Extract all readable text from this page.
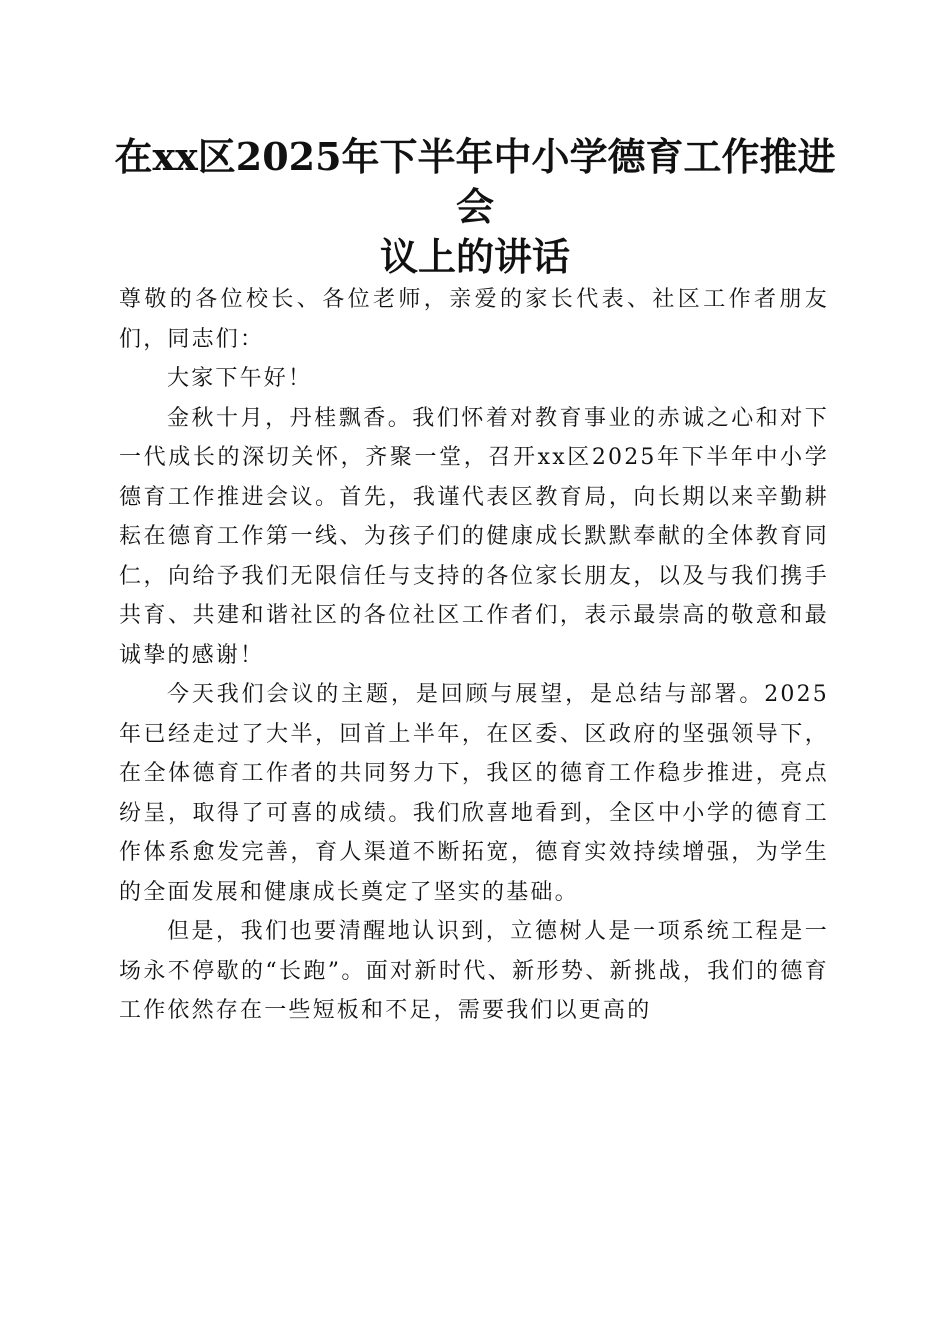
在xx区2025年下半年中小学德育工作推进会
议上的讲话

尊敬的各位校长、各位老师，亲爱的家长代表、社区工作者朋友们，同志们：

大家下午好！

金秋十月，丹桂飘香。我们怀着对教育事业的赤诚之心和对下一代成长的深切关怀，齐聚一堂，召开xx区2025年下半年中小学德育工作推进会议。首先，我谨代表区教育局，向长期以来辛勤耕耘在德育工作第一线、为孩子们的健康成长默默奉献的全体教育同仁，向给予我们无限信任与支持的各位家长朋友，以及与我们携手共育、共建和谐社区的各位社区工作者们，表示最崇高的敬意和最诚挚的感谢！

今天我们会议的主题，是回顾与展望，是总结与部署。2025年已经走过了大半，回首上半年，在区委、区政府的坚强领导下，在全体德育工作者的共同努力下，我区的德育工作稳步推进，亮点纷呈，取得了可喜的成绩。我们欣喜地看到，全区中小学的德育工作体系愈发完善，育人渠道不断拓宽，德育实效持续增强，为学生的全面发展和健康成长奠定了坚实的基础。

但是，我们也要清醒地认识到，立德树人是一项系统工程是一场永不停歇的“长跑”。面对新时代、新形势、新挑战，我们的德育工作依然存在一些短板和不足，需要我们以更高的
